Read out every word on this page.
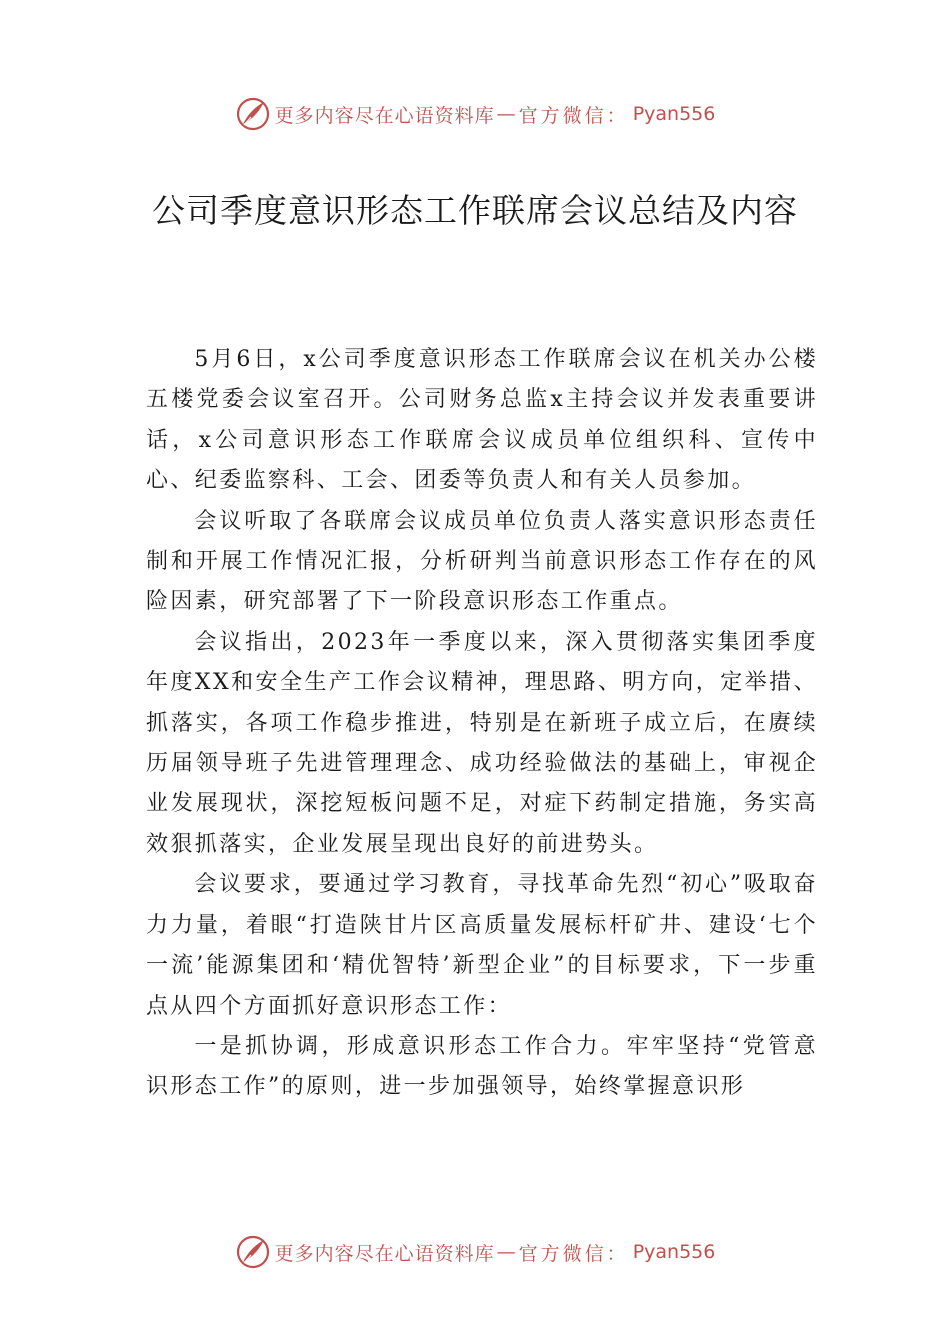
更多内容尽在心语资料库 — 官方微信： Pyan556
公司季度意识形态工作联席会议总结及内容

5月6日，x公司季度意识形态工作联席会议在机关办公楼五楼党委会议室召开。公司财务总监x主持会议并发表重要讲话，x公司意识形态工作联席会议成员单位组织科、宣传中心、纪委监察科、工会、团委等负责人和有关人员参加。

会议听取了各联席会议成员单位负责人落实意识形态责任制和开展工作情况汇报，分析研判当前意识形态工作存在的风险因素，研究部署了下一阶段意识形态工作重点。

会议指出，2023年一季度以来，深入贯彻落实集团季度年度XX和安全生产工作会议精神，理思路、明方向，定举措、抓落实，各项工作稳步推进，特别是在新班子成立后，在赓续历届领导班子先进管理理念、成功经验做法的基础上，审视企业发展现状，深挖短板问题不足，对症下药制定措施，务实高效狠抓落实，企业发展呈现出良好的前进势头。

会议要求，要通过学习教育，寻找革命先烈“初心”吸取奋力力量，着眼“打造陕甘片区高质量发展标杆矿井、建设‘七个一流’能源集团和‘精优智特’新型企业”的目标要求，下一步重点从四个方面抓好意识形态工作：

一是抓协调，形成意识形态工作合力。牢牢坚持“党管意识形态工作”的原则，进一步加强领导，始终掌握意识形

更多内容尽在心语资料库 — 官方微信： Pyan556
